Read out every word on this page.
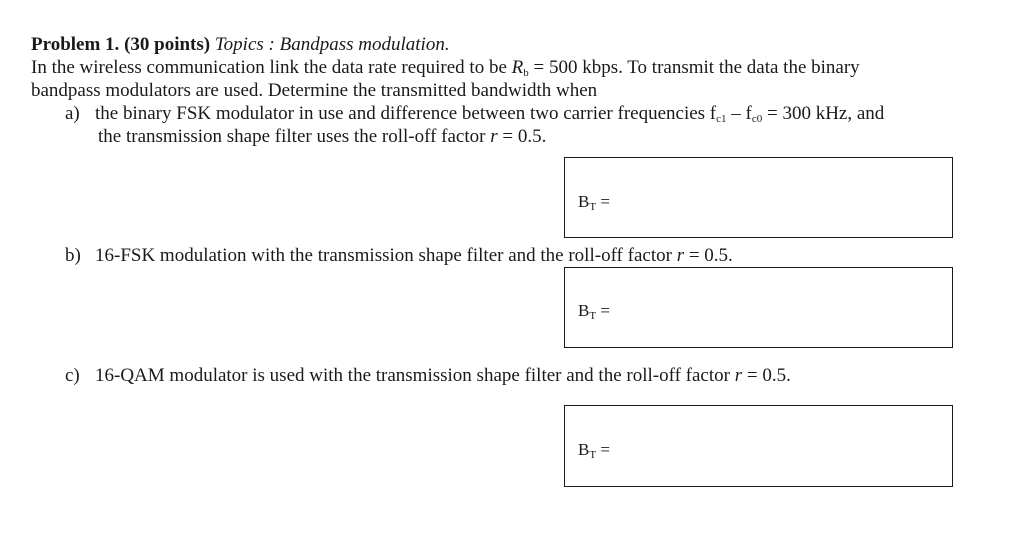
Problem 1. (30 points) Topics : Bandpass modulation.
In the wireless communication link the data rate required to be $R_b = 500$ kbps. To transmit the data the binary
bandpass modulators are used. Determine the transmitted bandwidth when
a) the binary FSK modulator in use and difference between two carrier frequencies $f_{c1} - f_{c0} = 300$ kHz, and
the transmission shape filter uses the roll-off factor r = 0.5.
$B_T$ =
b) 16-FSK modulation with the transmission shape filter and the roll-off factor r = 0.5.
$B_T$ =
c) 16-QAM modulator is used with the transmission shape filter and the roll-off factor r = 0.5.
$B_T$ =
